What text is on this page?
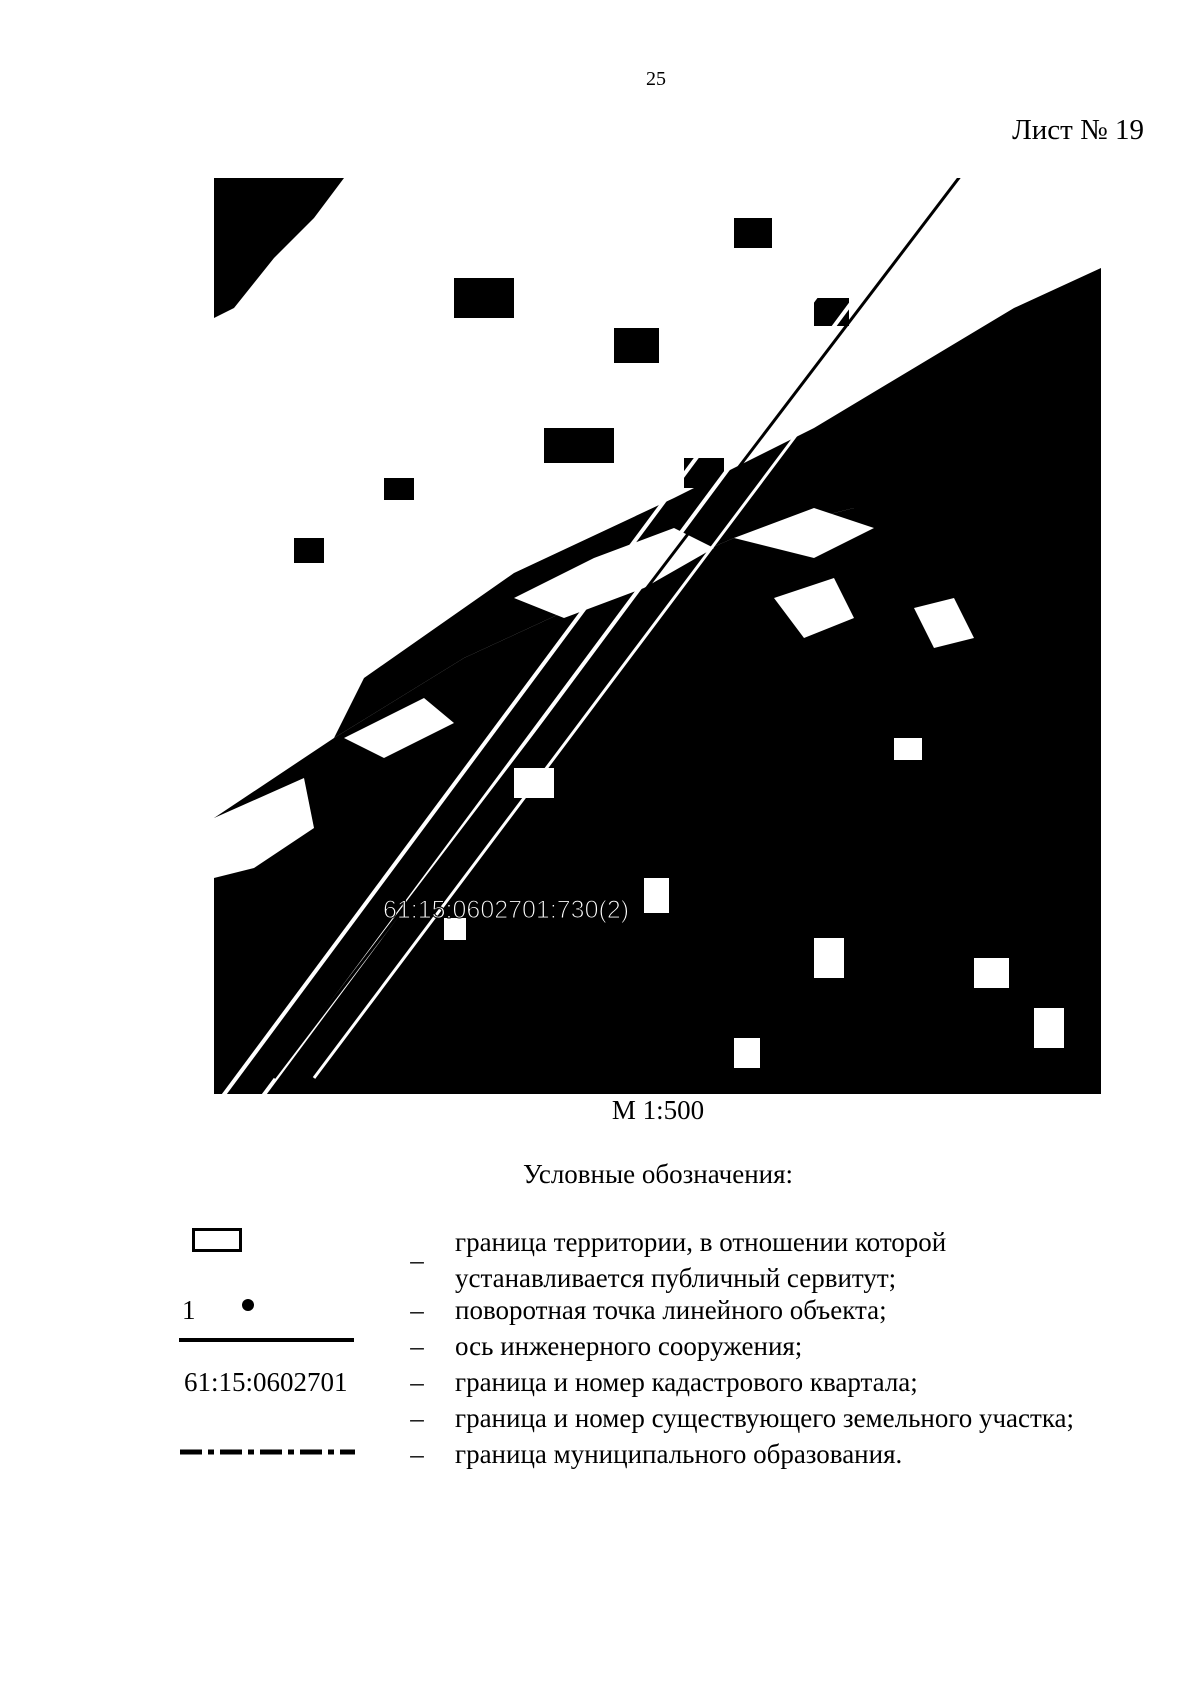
25
Лист № 19
61:15:0602701:730(2)
М 1:500
Условные обозначения:
1
61:15:0602701
–
граница территории, в отношении которой
устанавливается публичный сервитут;
– поворотная точка линейного объекта;
– ось инженерного сооружения;
– граница и номер кадастрового квартала;
– граница и номер существующего земельного участка;
– граница муниципального образования.
